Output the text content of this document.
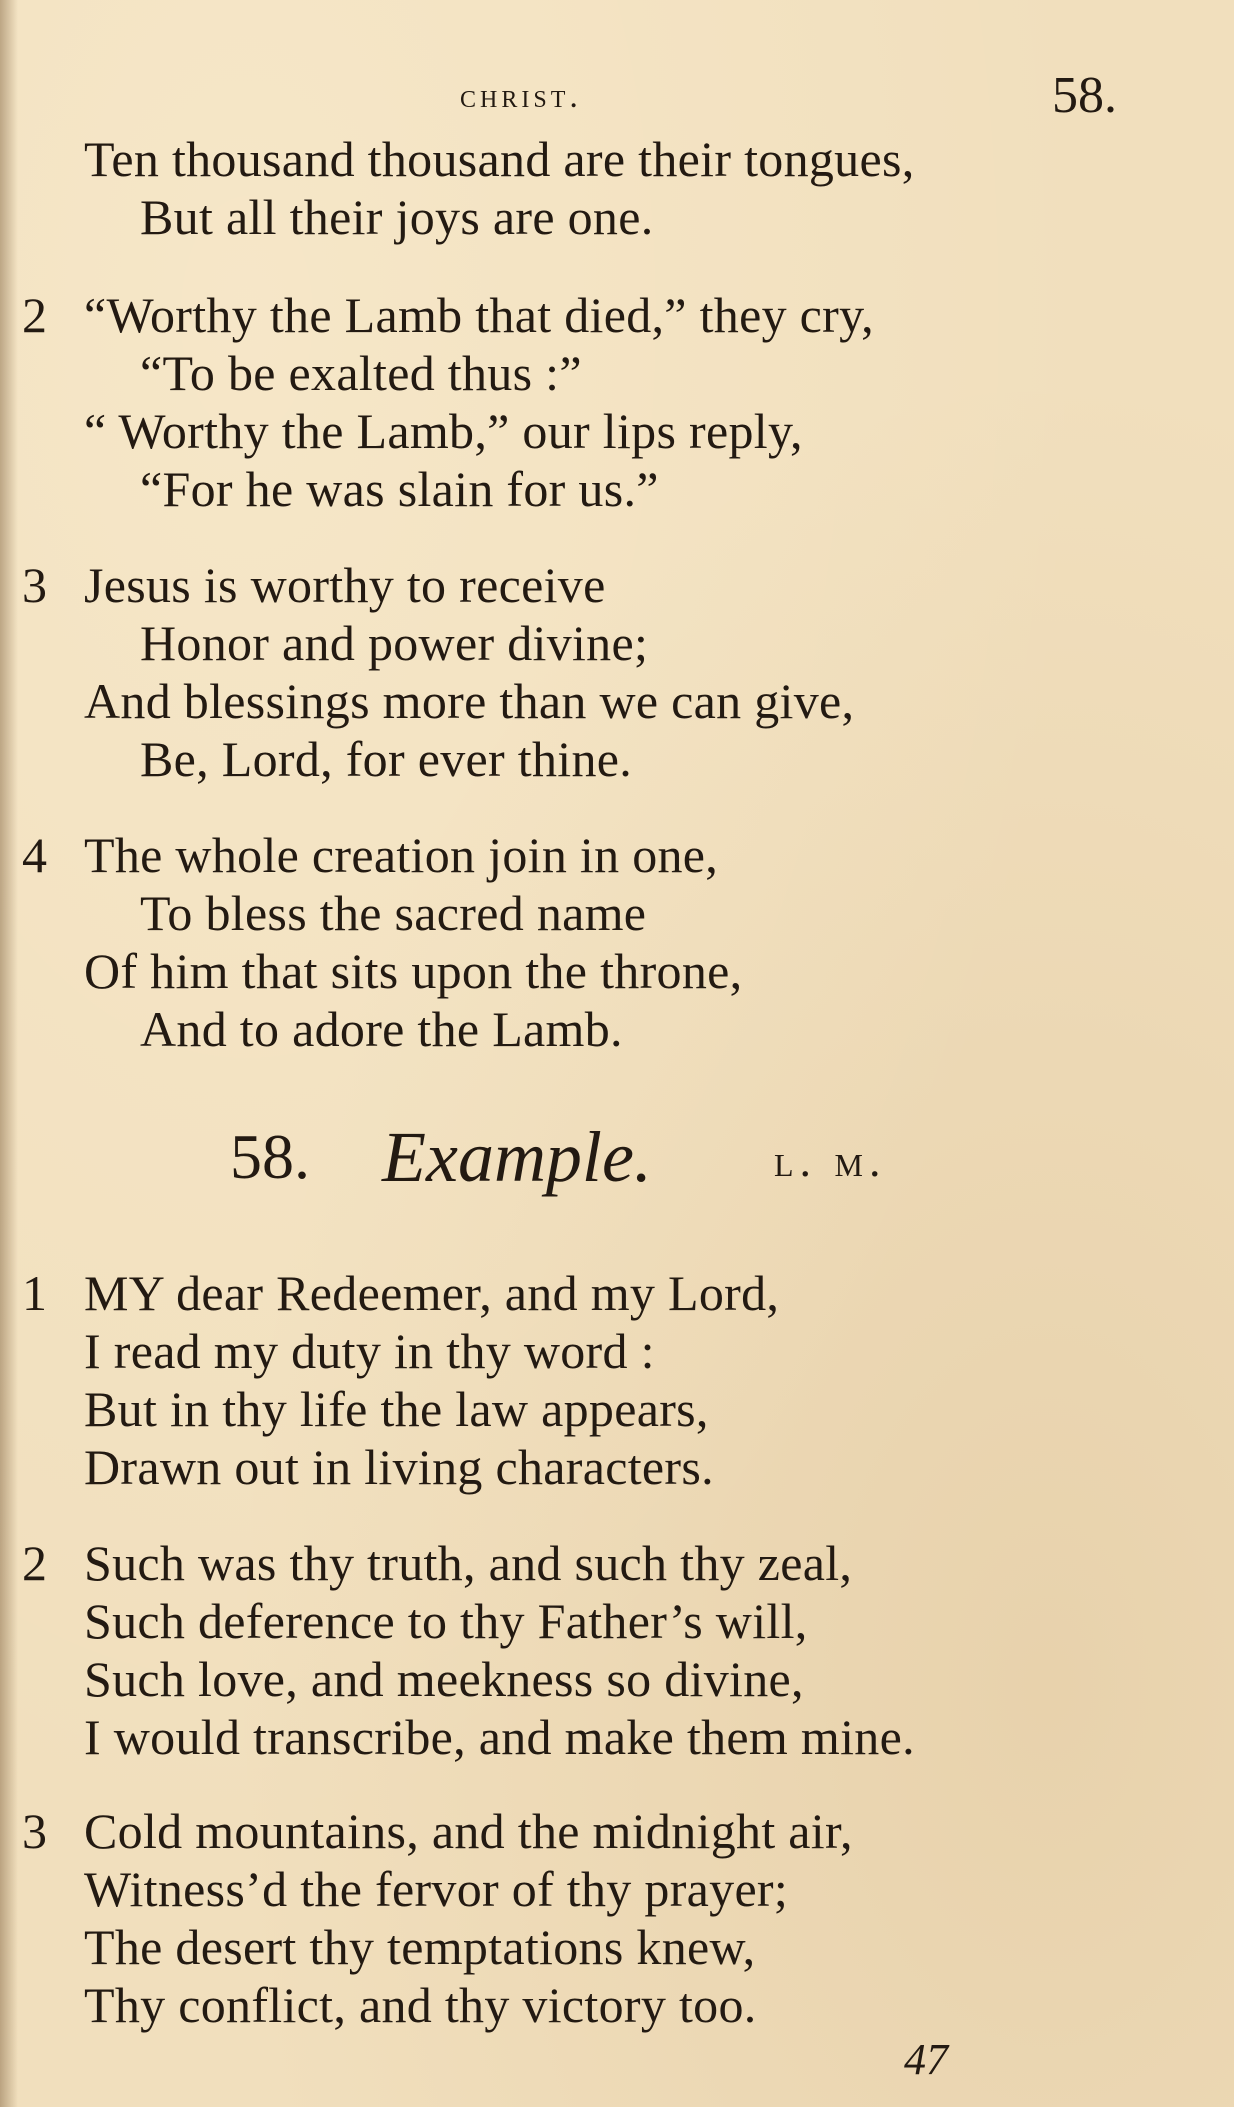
christ.	58.
Ten thousand thousand are their tongues,
But all their joys are one.
2 “Worthy the Lamb that died,” they cry,
“To be exalted thus :”
“ Worthy the Lamb,” our lips reply,
“For he was slain for us.”
3 Jesus is worthy to receive
Honor and power divine;
And blessings more than we can give,
Be, Lord, for ever thine.
4 The whole creation join in one,
To bless the sacred name
Of him that sits upon the throne,
And to adore the Lamb.
58. Example.	l. m.
1 MY dear Redeemer, and my Lord,
I read my duty in thy word :
But in thy life the law appears,
Drawn out in living characters.
2 Such was thy truth, and such thy zeal,
Such deference to thy Father’s will,
Such love, and meekness so divine,
I would transcribe, and make them mine.
3 Cold mountains, and the midnight air,
Witness’d the fervor of thy prayer;
The desert thy temptations knew,
Thy conflict, and thy victory too.
47
